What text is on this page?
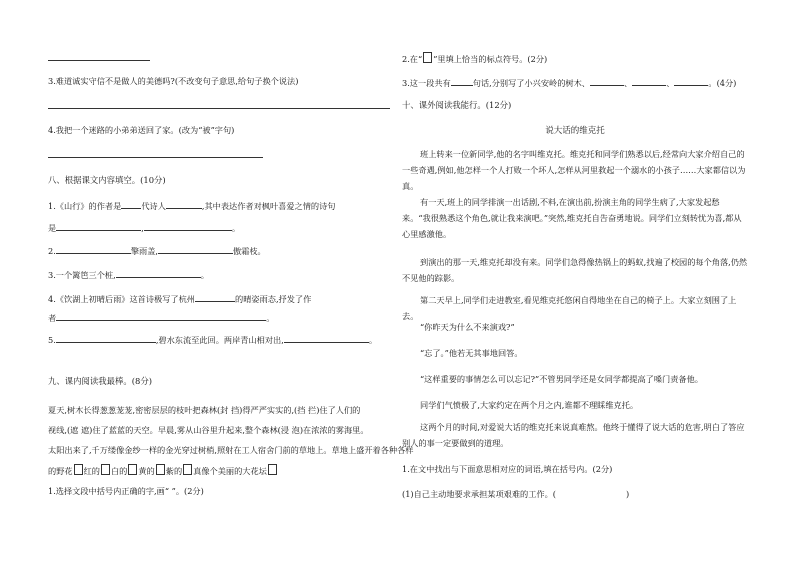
3.难道诚实守信不是做人的美德吗?(不改变句子意思,给句子换个说法)
4.我把一个迷路的小弟弟送回了家。(改为“被”字句)
八、根据课文内容填空。(10分)
1.《山行》的作者是 代诗人	,其中表达作者对枫叶喜爱之情的诗句
是	,	。
2.	擎雨盖,	傲霜枝。
3.一个篱笆三个桩,	。
4.《饮湖上初晴后雨》这首诗极写了杭州	的晴姿雨态,抒发了作
者	。
5.	,碧水东流至此回。两岸青山相对出,	。
九、课内阅读我最棒。(8分)
夏天,树木长得葱葱茏茏,密密层层的枝叶把森林(封 挡)得严严实实的,(挡 拦)住了人们的
视线,(遮 遮)住了蓝蓝的天空。早晨,雾从山谷里升起来,整个森林(浸 泡)在浓浓的雾海里。
太阳出来了,千万缕像金纱一样的金光穿过树梢,照射在工人宿舍门前的草地上。草地上盛开着各种各样
的野花 红的 白的 黄的 紫的 真像个美丽的大花坛
1.选择文段中括号内正确的字,画“ ”。(2分)
2.在“ ”里填上恰当的标点符号。(2分)
3.这一段共有	句话,分别写了小兴安岭的树木、	、	、	。(4分)
十、课外阅读我能行。(12分)
说大话的维克托
班上转来一位新同学,他的名字叫维克托。维克托和同学们熟悉以后,经常向大家介绍自己的一些奇遇,例如,他怎样一个人打败一个坏人,怎样从河里救起一个溺水的小孩子……大家都信以为真。
有一天,班上的同学排演一出话剧,不料,在演出前,扮演主角的同学生病了,大家发起愁来。“我很熟悉这个角色,就让我来演吧。”突然,维克托自告奋勇地说。同学们立刻转忧为喜,都从心里感激他。
到演出的那一天,维克托却没有来。同学们急得像热锅上的蚂蚁,找遍了校园的每个角落,仍然不见他的踪影。
第二天早上,同学们走进教室,看见维克托悠闲自得地坐在自己的椅子上。大家立刻围了上去。
“你昨天为什么不来演戏?”
“忘了。”他若无其事地回答。
“这样重要的事情怎么可以忘记?”不管男同学还是女同学都提高了嗓门责备他。
同学们气愤极了,大家约定在两个月之内,谁都不理睬维克托。
这两个月的时间,对爱说大话的维克托来说真难熬。他终于懂得了说大话的危害,明白了答应别人的事一定要做到的道理。
1.在文中找出与下面意思相对应的词语,填在括号内。(2分)
(1)自己主动地要求承担某项艰难的工作。(	)
